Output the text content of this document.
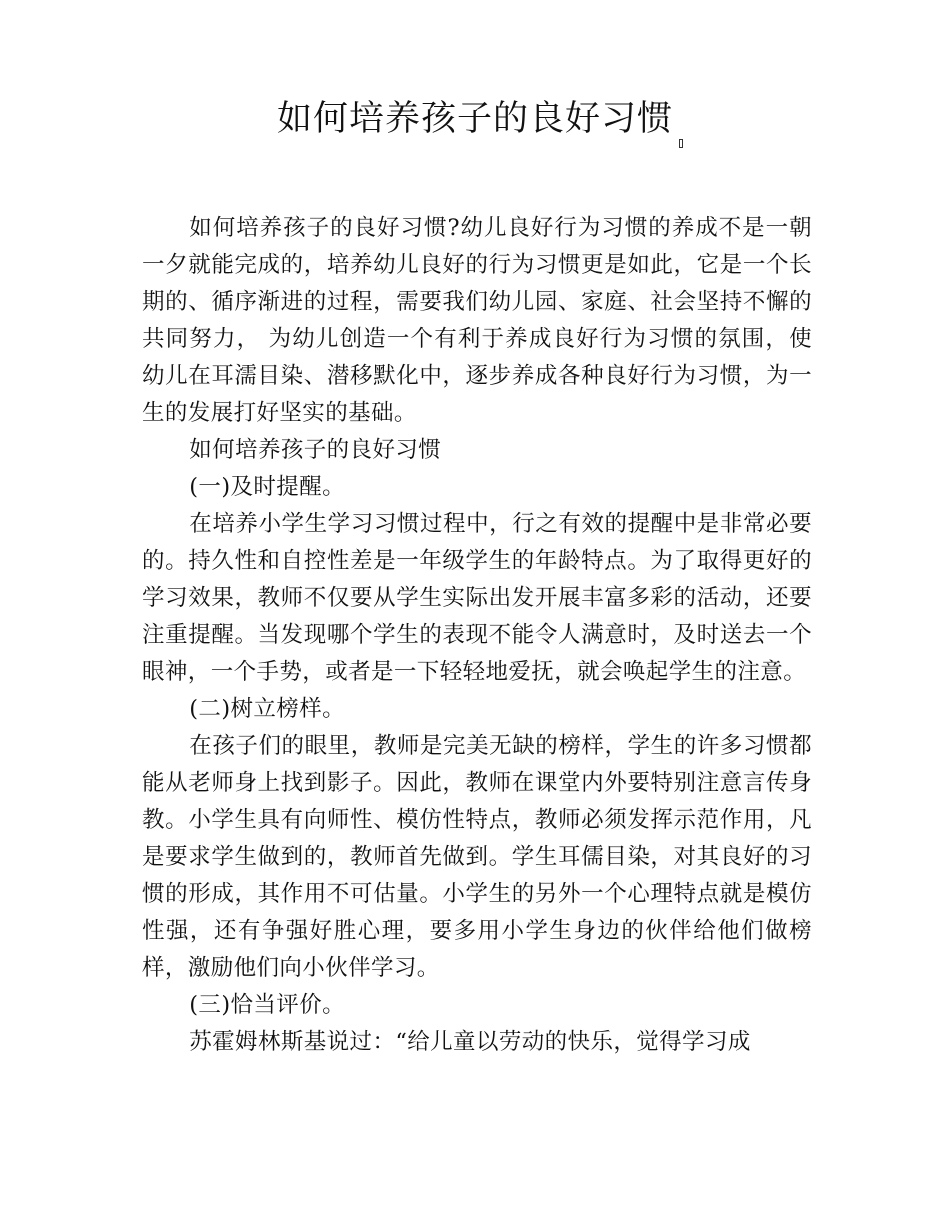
如何培养孩子的良好习惯

如何培养孩子的良好习惯?幼儿良好行为习惯的养成不是一朝一夕就能完成的，培养幼儿良好的行为习惯更是如此，它是一个长期的、循序渐进的过程，需要我们幼儿园、家庭、社会坚持不懈的共同努力， 为幼儿创造一个有利于养成良好行为习惯的氛围，使幼儿在耳濡目染、潜移默化中，逐步养成各种良好行为习惯，为一生的发展打好坚实的基础。

如何培养孩子的良好习惯

(一)及时提醒。

在培养小学生学习习惯过程中，行之有效的提醒中是非常必要的。持久性和自控性差是一年级学生的年龄特点。为了取得更好的学习效果，教师不仅要从学生实际出发开展丰富多彩的活动，还要注重提醒。当发现哪个学生的表现不能令人满意时，及时送去一个眼神，一个手势，或者是一下轻轻地爱抚，就会唤起学生的注意。

(二)树立榜样。

在孩子们的眼里，教师是完美无缺的榜样，学生的许多习惯都能从老师身上找到影子。因此，教师在课堂内外要特别注意言传身教。小学生具有向师性、模仿性特点，教师必须发挥示范作用，凡是要求学生做到的，教师首先做到。学生耳儒目染，对其良好的习惯的形成，其作用不可估量。小学生的另外一个心理特点就是模仿性强，还有争强好胜心理，要多用小学生身边的伙伴给他们做榜样，激励他们向小伙伴学习。

(三)恰当评价。

苏霍姆林斯基说过：“给儿童以劳动的快乐，觉得学习成
